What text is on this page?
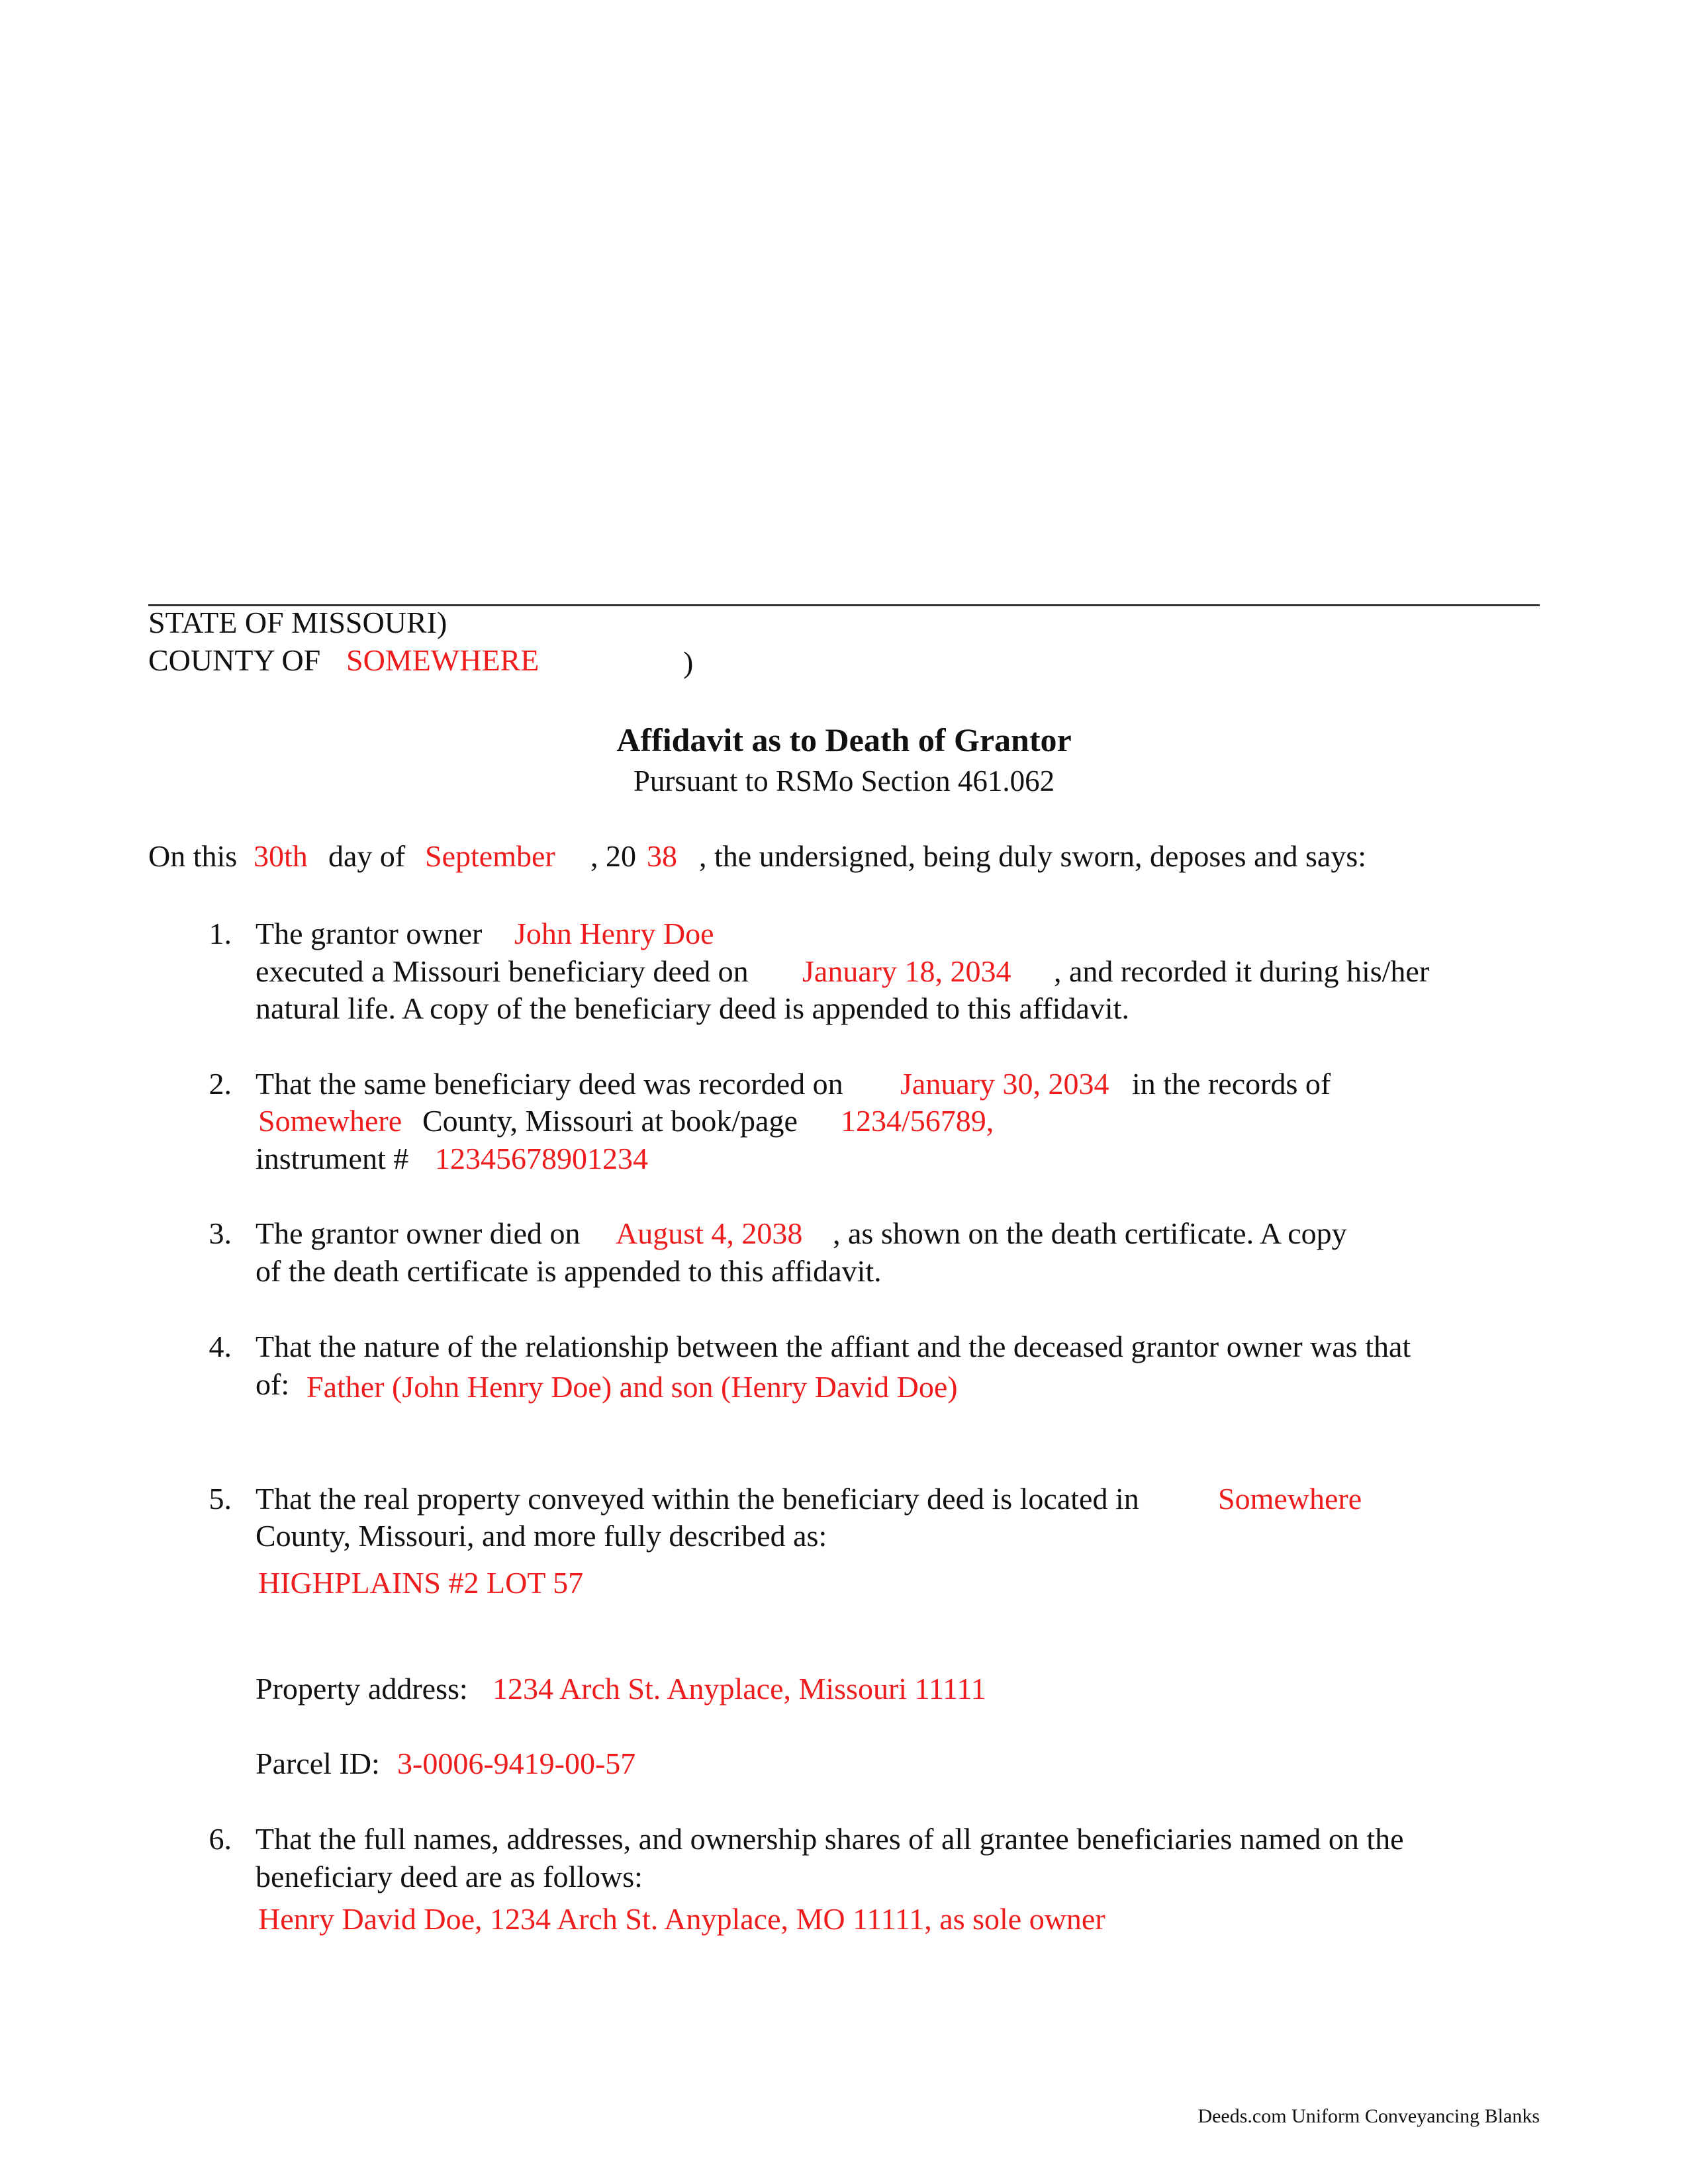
STATE OF MISSOURI)
COUNTY OF SOMEWHERE	)
Affidavit as to Death of Grantor
Pursuant to RSMo Section 461.062
On this 30th day of September , 20 38 , the undersigned, being duly sworn, deposes and says:
1. The grantor owner John Henry Doe
executed a Missouri beneficiary deed on January 18, 2034 , and recorded it during his/her
natural life. A copy of the beneficiary deed is appended to this affidavit.
2. That the same beneficiary deed was recorded on January 30, 2034 in the records of
Somewhere County, Missouri at book/page 1234/56789,
instrument # 12345678901234
3. The grantor owner died on August 4, 2038 , as shown on the death certificate. A copy
of the death certificate is appended to this affidavit.
4. That the nature of the relationship between the affiant and the deceased grantor owner was that
of: Father (John Henry Doe) and son (Henry David Doe)
5. That the real property conveyed within the beneficiary deed is located in	Somewhere
County, Missouri, and more fully described as:
HIGHPLAINS #2 LOT 57
Property address: 1234 Arch St. Anyplace, Missouri 11111
Parcel ID: 3-0006-9419-00-57
6. That the full names, addresses, and ownership shares of all grantee beneficiaries named on the
beneficiary deed are as follows:
Henry David Doe, 1234 Arch St. Anyplace, MO 11111, as sole owner
Deeds.com Uniform Conveyancing Blanks
